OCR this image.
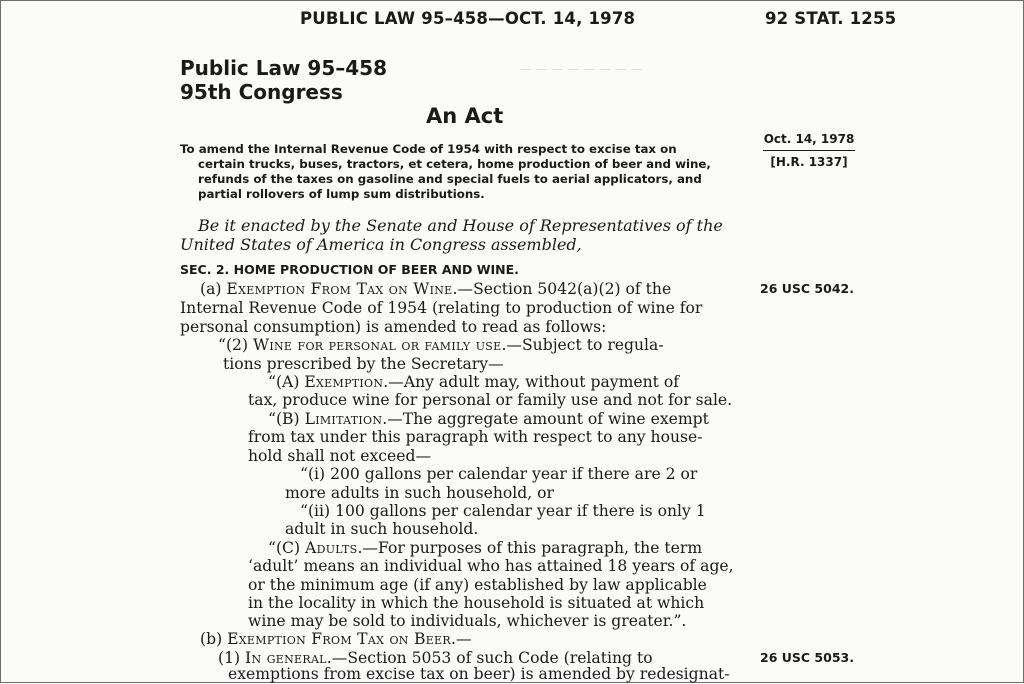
— — — — — — — —
PUBLIC LAW 95–458—OCT. 14, 1978	92 STAT. 1255
Public Law 95–458
95th Congress
An Act
To amend the Internal Revenue Code of 1954 with respect to excise tax on
certain trucks, buses, tractors, et cetera, home production of beer and wine,
refunds of the taxes on gasoline and special fuels to aerial applicators, and
partial rollovers of lump sum distributions.
Oct. 14, 1978
[H.R. 1337]
Be it enacted by the Senate and House of Representatives of the
United States of America in Congress assembled,
SEC. 2. HOME PRODUCTION OF BEER AND WINE.
(a) Exemption From Tax on Wine.—Section 5042(a)(2) of the	26 USC 5042.
Internal Revenue Code of 1954 (relating to production of wine for
personal consumption) is amended to read as follows:
“(2) Wine for personal or family use.—Subject to regula-
tions prescribed by the Secretary—
“(A) Exemption.—Any adult may, without payment of
tax, produce wine for personal or family use and not for sale.
“(B) Limitation.—The aggregate amount of wine exempt
from tax under this paragraph with respect to any house-
hold shall not exceed—
“(i) 200 gallons per calendar year if there are 2 or
more adults in such household, or
“(ii) 100 gallons per calendar year if there is only 1
adult in such household.
“(C) Adults.—For purposes of this paragraph, the term
‘adult’ means an individual who has attained 18 years of age,
or the minimum age (if any) established by law applicable
in the locality in which the household is situated at which
wine may be sold to individuals, whichever is greater.”.
(b) Exemption From Tax on Beer.—
(1) In general.—Section 5053 of such Code (relating to	26 USC 5053.
exemptions from excise tax on beer) is amended by redesignat-
